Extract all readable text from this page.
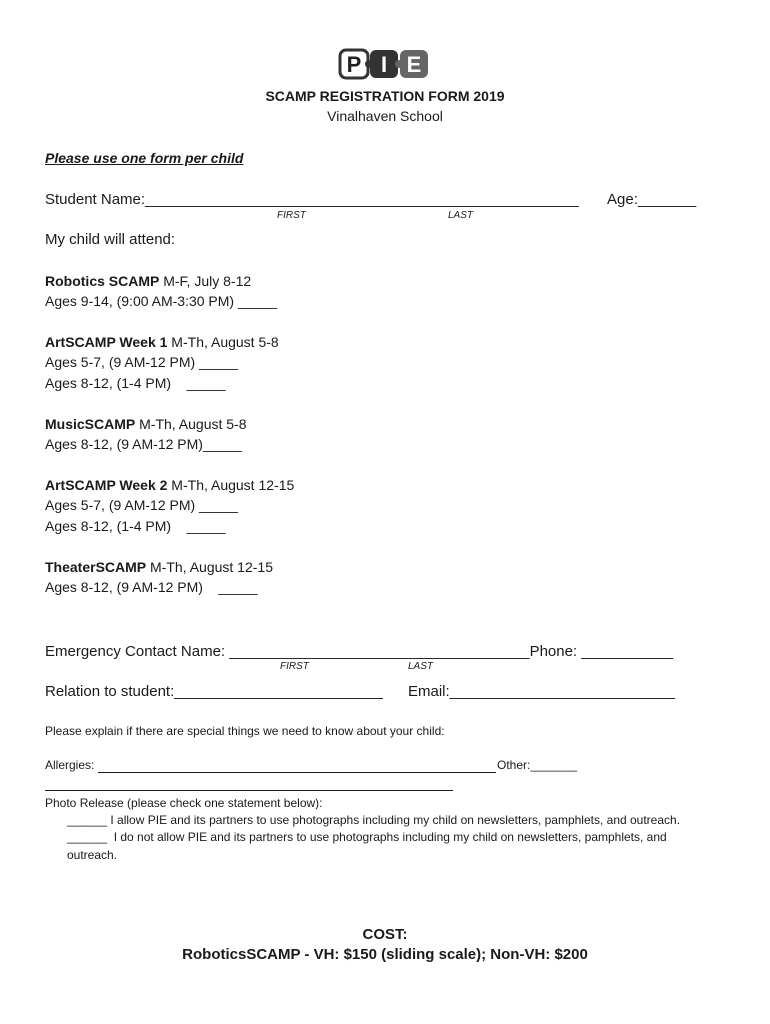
P I E
SCAMP REGISTRATION FORM 2019
Vinalhaven School
Please use one form per child
Student Name:____________________________________________________ Age:_______
FIRST	LAST
My child will attend:
Robotics SCAMP M-F, July 8-12
Ages 9-14, (9:00 AM-3:30 PM) _____
ArtSCAMP Week 1 M-Th, August 5-8
Ages 5-7, (9 AM-12 PM) _____
Ages 8-12, (1-4 PM)    _____
MusicSCAMP M-Th, August 5-8
Ages 8-12, (9 AM-12 PM)_____
ArtSCAMP Week 2 M-Th, August 12-15
Ages 5-7, (9 AM-12 PM) _____
Ages 8-12, (1-4 PM)    _____
TheaterSCAMP M-Th, August 12-15
Ages 8-12, (9 AM-12 PM)    _____
Emergency Contact Name: ____________________________________Phone: ___________
FIRST	LAST
Relation to student:_________________________ Email:___________________________
Please explain if there are special things we need to know about your child:
Allergies:	Other:_______
Photo Release (please check one statement below):
______ I allow PIE and its partners to use photographs including my child on newsletters, pamphlets, and outreach.
______  I do not allow PIE and its partners to use photographs including my child on newsletters, pamphlets, and
outreach.
COST:
RoboticsSCAMP - VH: $150 (sliding scale); Non-VH: $200
